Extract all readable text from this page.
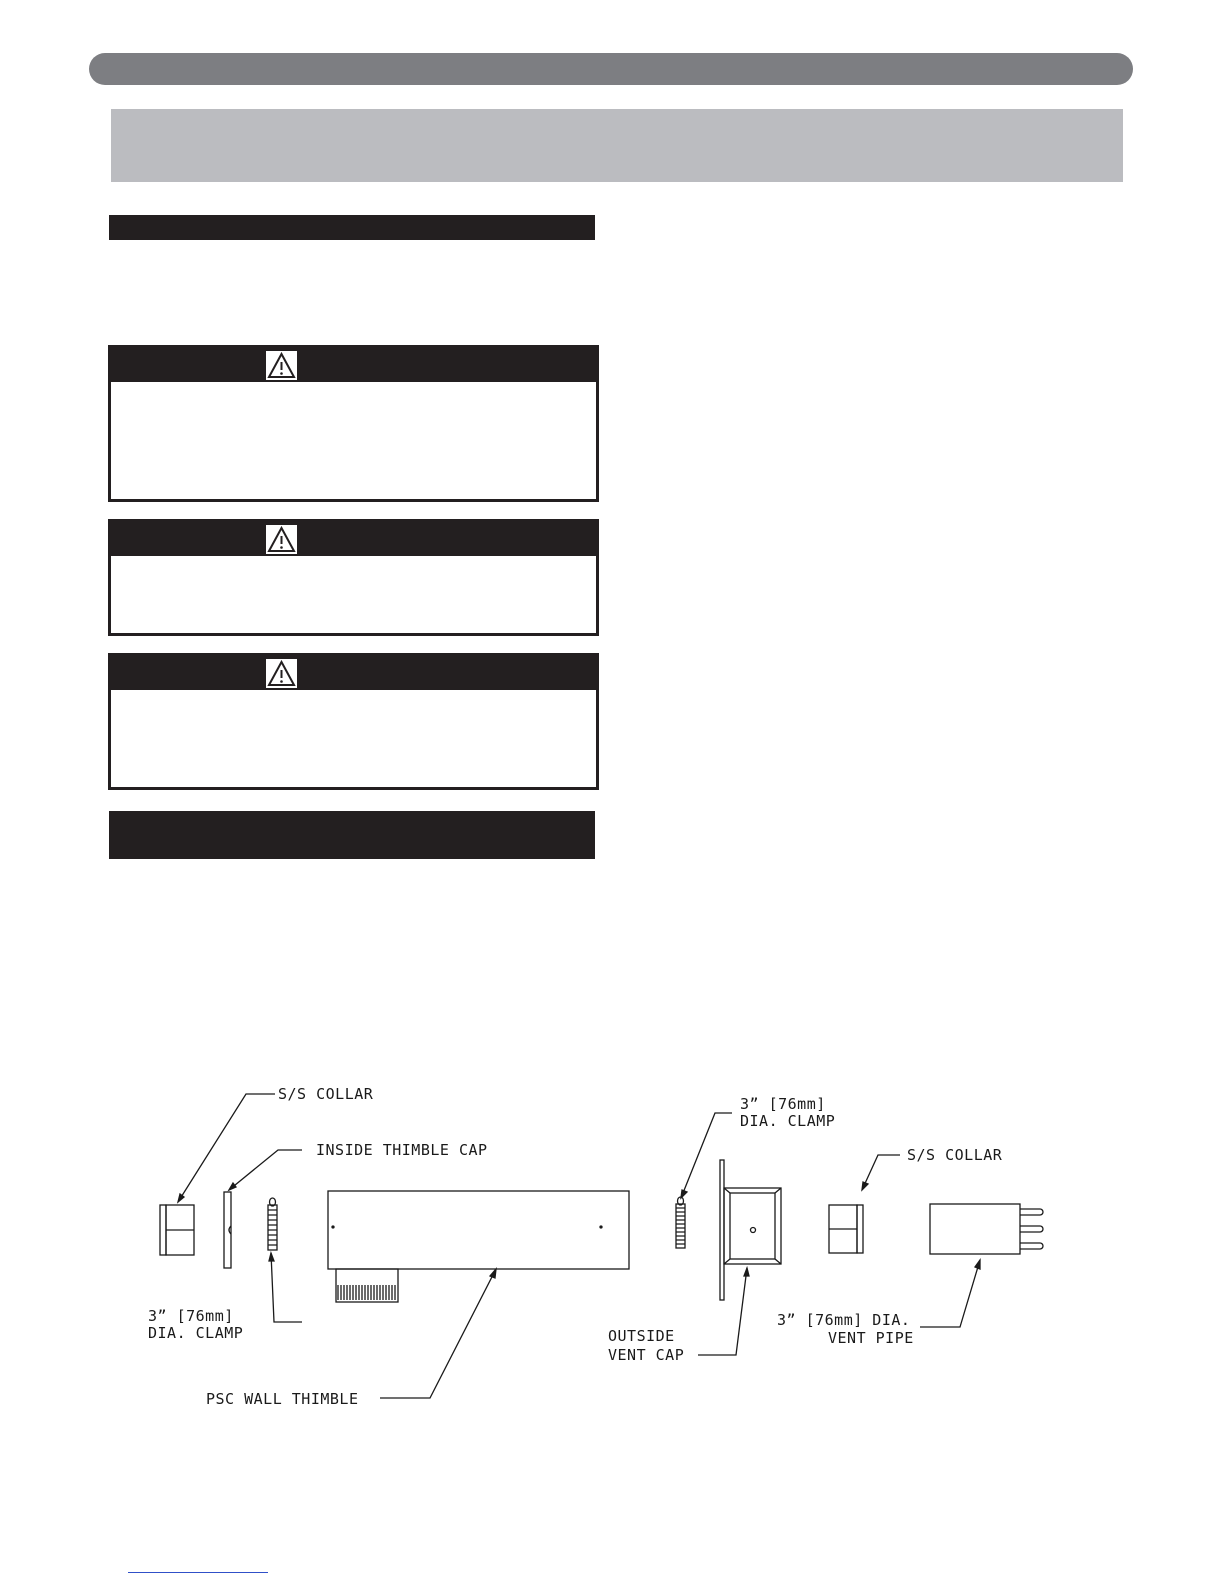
S/S COLLAR
INSIDE THIMBLE CAP
3” [76mm]
DIA. CLAMP
PSC WALL THIMBLE
3” [76mm]
DIA. CLAMP
OUTSIDE
VENT CAP
S/S COLLAR
3” [76mm] DIA.
VENT PIPE
